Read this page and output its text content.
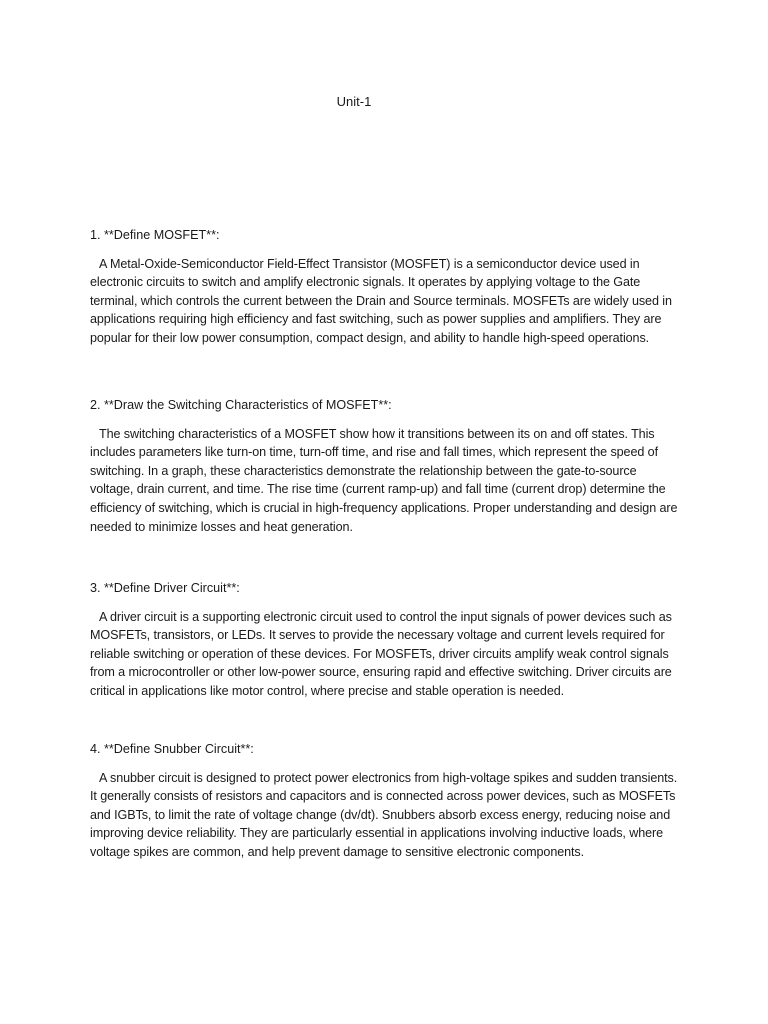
Unit-1

1. **Define MOSFET**:

A Metal-Oxide-Semiconductor Field-Effect Transistor (MOSFET) is a semiconductor device used in electronic circuits to switch and amplify electronic signals. It operates by applying voltage to the Gate terminal, which controls the current between the Drain and Source terminals. MOSFETs are widely used in applications requiring high efficiency and fast switching, such as power supplies and amplifiers. They are popular for their low power consumption, compact design, and ability to handle high-speed operations.

2. **Draw the Switching Characteristics of MOSFET**:

The switching characteristics of a MOSFET show how it transitions between its on and off states. This includes parameters like turn-on time, turn-off time, and rise and fall times, which represent the speed of switching. In a graph, these characteristics demonstrate the relationship between the gate-to-source voltage, drain current, and time. The rise time (current ramp-up) and fall time (current drop) determine the efficiency of switching, which is crucial in high-frequency applications. Proper understanding and design are needed to minimize losses and heat generation.

3. **Define Driver Circuit**:

A driver circuit is a supporting electronic circuit used to control the input signals of power devices such as MOSFETs, transistors, or LEDs. It serves to provide the necessary voltage and current levels required for reliable switching or operation of these devices. For MOSFETs, driver circuits amplify weak control signals from a microcontroller or other low-power source, ensuring rapid and effective switching. Driver circuits are critical in applications like motor control, where precise and stable operation is needed.

4. **Define Snubber Circuit**:

A snubber circuit is designed to protect power electronics from high-voltage spikes and sudden transients. It generally consists of resistors and capacitors and is connected across power devices, such as MOSFETs and IGBTs, to limit the rate of voltage change (dv/dt). Snubbers absorb excess energy, reducing noise and improving device reliability. They are particularly essential in applications involving inductive loads, where voltage spikes are common, and help prevent damage to sensitive electronic components.
